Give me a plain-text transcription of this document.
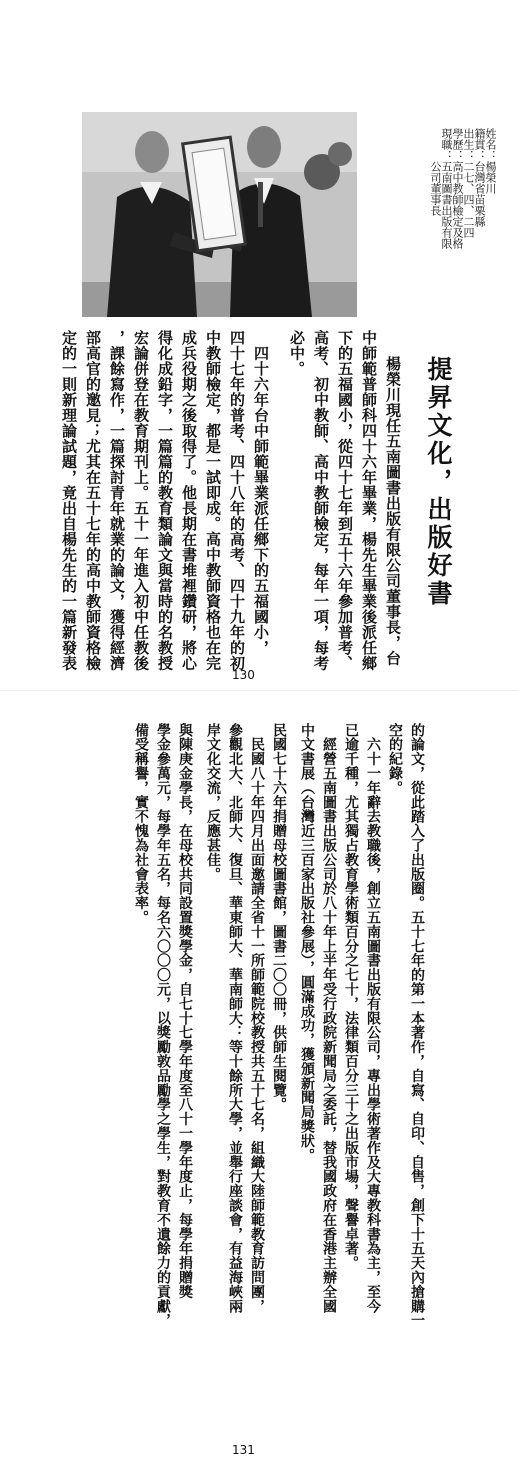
姓名：楊榮川
籍貫：台灣省苗栗縣
出生：二七、四、二四
學歷：高中教師檢定及格
現職：五南圖書出版有限
　　　公司董事長
提昇文化，出版好書
楊榮川現任五南圖書出版有限公司董事長，台
中師範普師科四十六年畢業，楊先生畢業後派任鄉
下的五福國小，從四十七年到五十六年參加普考、
高考、初中教師、高中教師檢定，每年一項，每考
必中。
　四十六年台中師範畢業派任鄉下的五福國小，
四十七年的普考、四十八年的高考、四十九年的初
中教師檢定，都是一試即成。高中教師資格也在完
成兵役期之後取得了。他長期在書堆裡鑽研，將心
得化成鉛字，一篇篇的教育類論文與當時的名教授
宏論併登在教育期刊上。五十一年進入初中任教後
，課餘寫作，一篇探討青年就業的論文，獲得經濟
部高官的邀見；尤其在五十七年的高中教師資格檢
定的一則新理論試題，竟出自楊先生的一篇新發表
130
的論文，從此踏入了出版圈。五十七年的第一本著作，自寫、自印、自售，創下十五天內搶購一
空的紀錄。
　六十一年辭去教職後，創立五南圖書出版有限公司，專出學術著作及大專教科書為主，至今
已逾千種，尤其獨占教育學術類百分之七十，法律類百分三十之出版市場，聲譽卓著。
　經營五南圖書出版公司於八十年上半年受行政院新聞局之委託，替我國政府在香港主辦全國
中文書展（台灣近三百家出版社參展），圓滿成功，獲頒新聞局獎狀。
民國七十六年捐贈母校圖書館，圖書二〇〇冊，供師生閱覽。
　民國八十年四月出面邀請全省十一所師範院校教授共五十七名，組織大陸師範教育訪問團，
參觀北大、北師大、復旦、華東師大、華南師大：等十餘所大學，並舉行座談會，有益海峽兩
岸文化交流，反應甚佳。
與陳庚金學長，在母校共同設置獎學金，自七十七學年度至八十一學年度止，每學年捐贈獎
學金參萬元，每學年五名，每名六〇〇〇元，以獎勵敦品勵學之學生，對教育不遺餘力的貢獻，
備受稱譽，實不愧為社會表率。
131
